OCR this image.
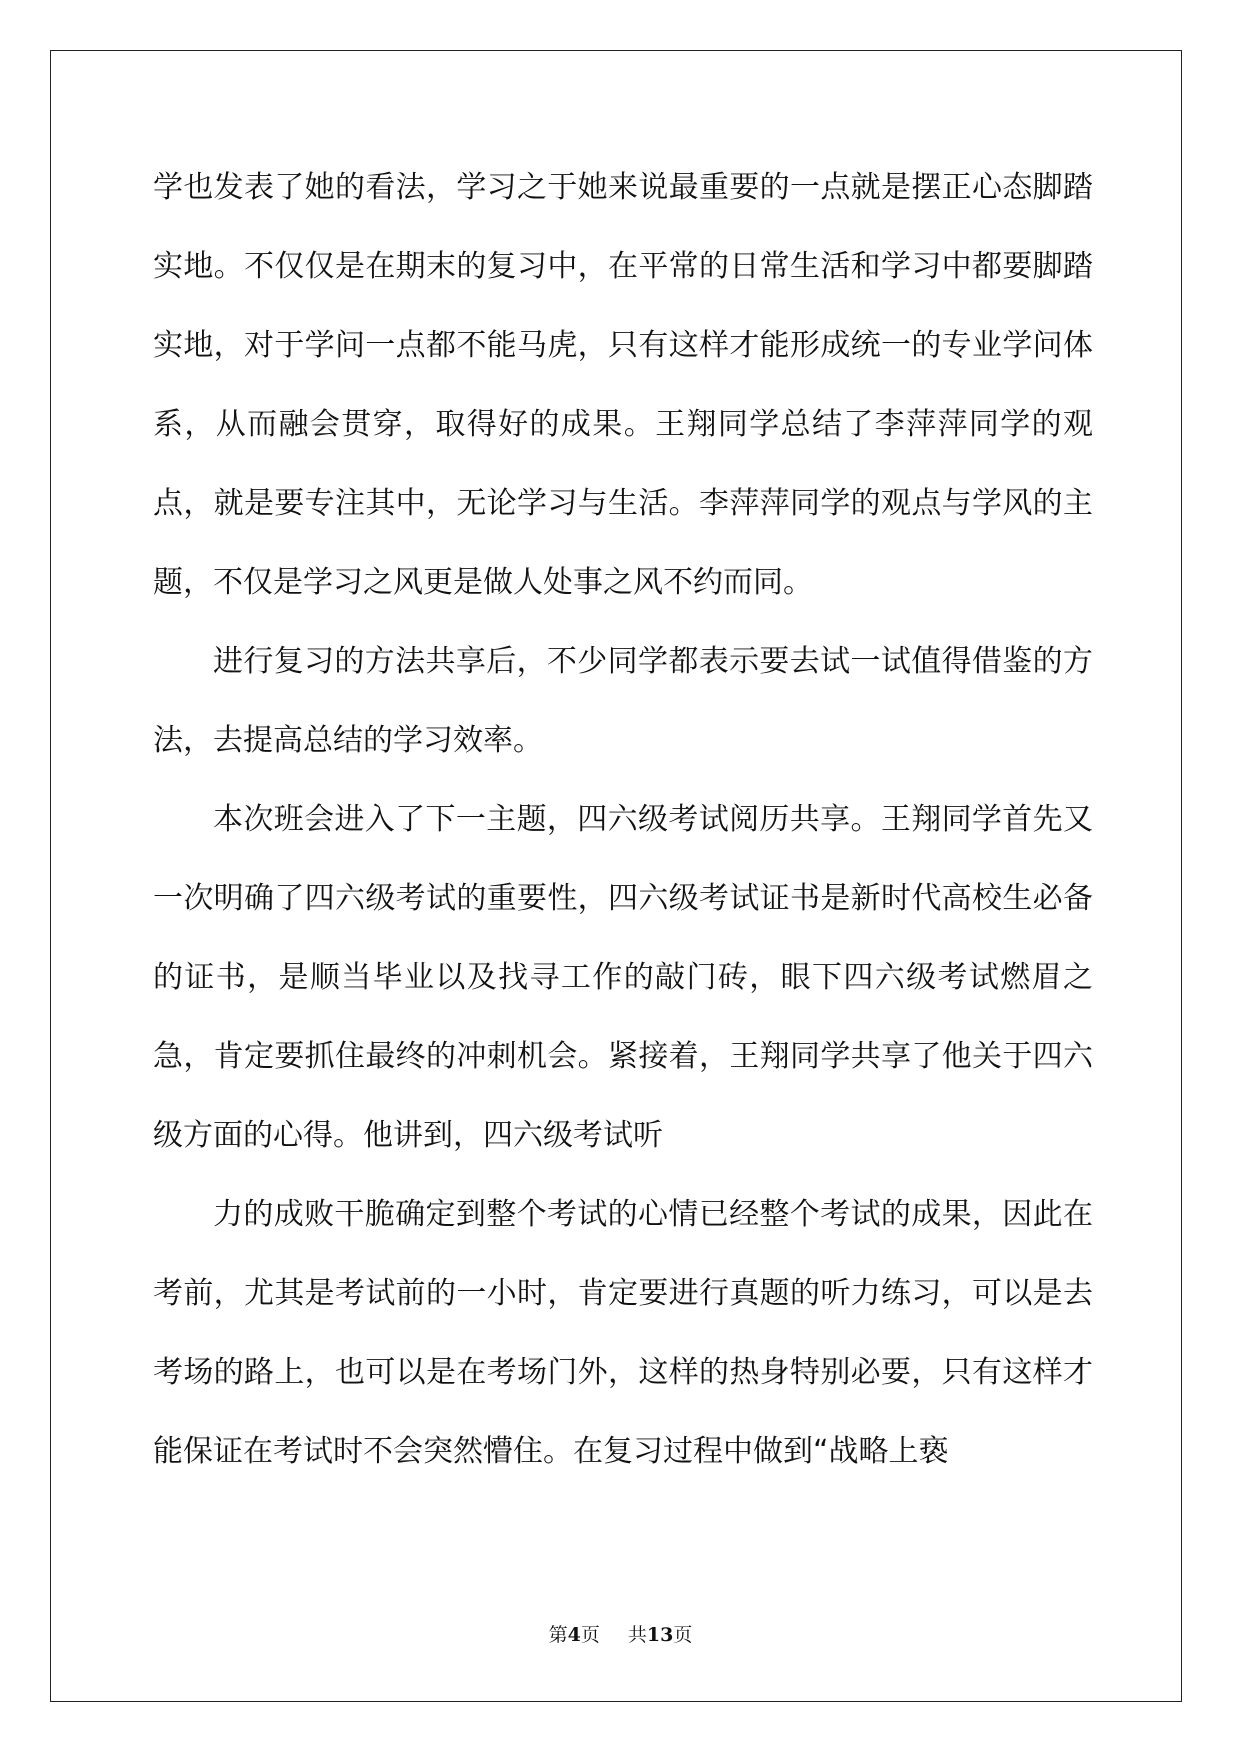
学也发表了她的看法，学习之于她来说最重要的一点就是摆正心态脚踏实地。不仅仅是在期末的复习中，在平常的日常生活和学习中都要脚踏实地，对于学问一点都不能马虎，只有这样才能形成统一的专业学问体系，从而融会贯穿，取得好的成果。王翔同学总结了李萍萍同学的观点，就是要专注其中，无论学习与生活。李萍萍同学的观点与学风的主题，不仅是学习之风更是做人处事之风不约而同。

进行复习的方法共享后，不少同学都表示要去试一试值得借鉴的方法，去提高总结的学习效率。

本次班会进入了下一主题，四六级考试阅历共享。王翔同学首先又一次明确了四六级考试的重要性，四六级考试证书是新时代高校生必备的证书，是顺当毕业以及找寻工作的敲门砖，眼下四六级考试燃眉之急，肯定要抓住最终的冲刺机会。紧接着，王翔同学共享了他关于四六级方面的心得。他讲到，四六级考试听

力的成败干脆确定到整个考试的心情已经整个考试的成果，因此在考前，尤其是考试前的一小时，肯定要进行真题的听力练习，可以是去考场的路上，也可以是在考场门外，这样的热身特别必要，只有这样才能保证在考试时不会突然懵住。在复习过程中做到“战略上亵

第4页 共13页
